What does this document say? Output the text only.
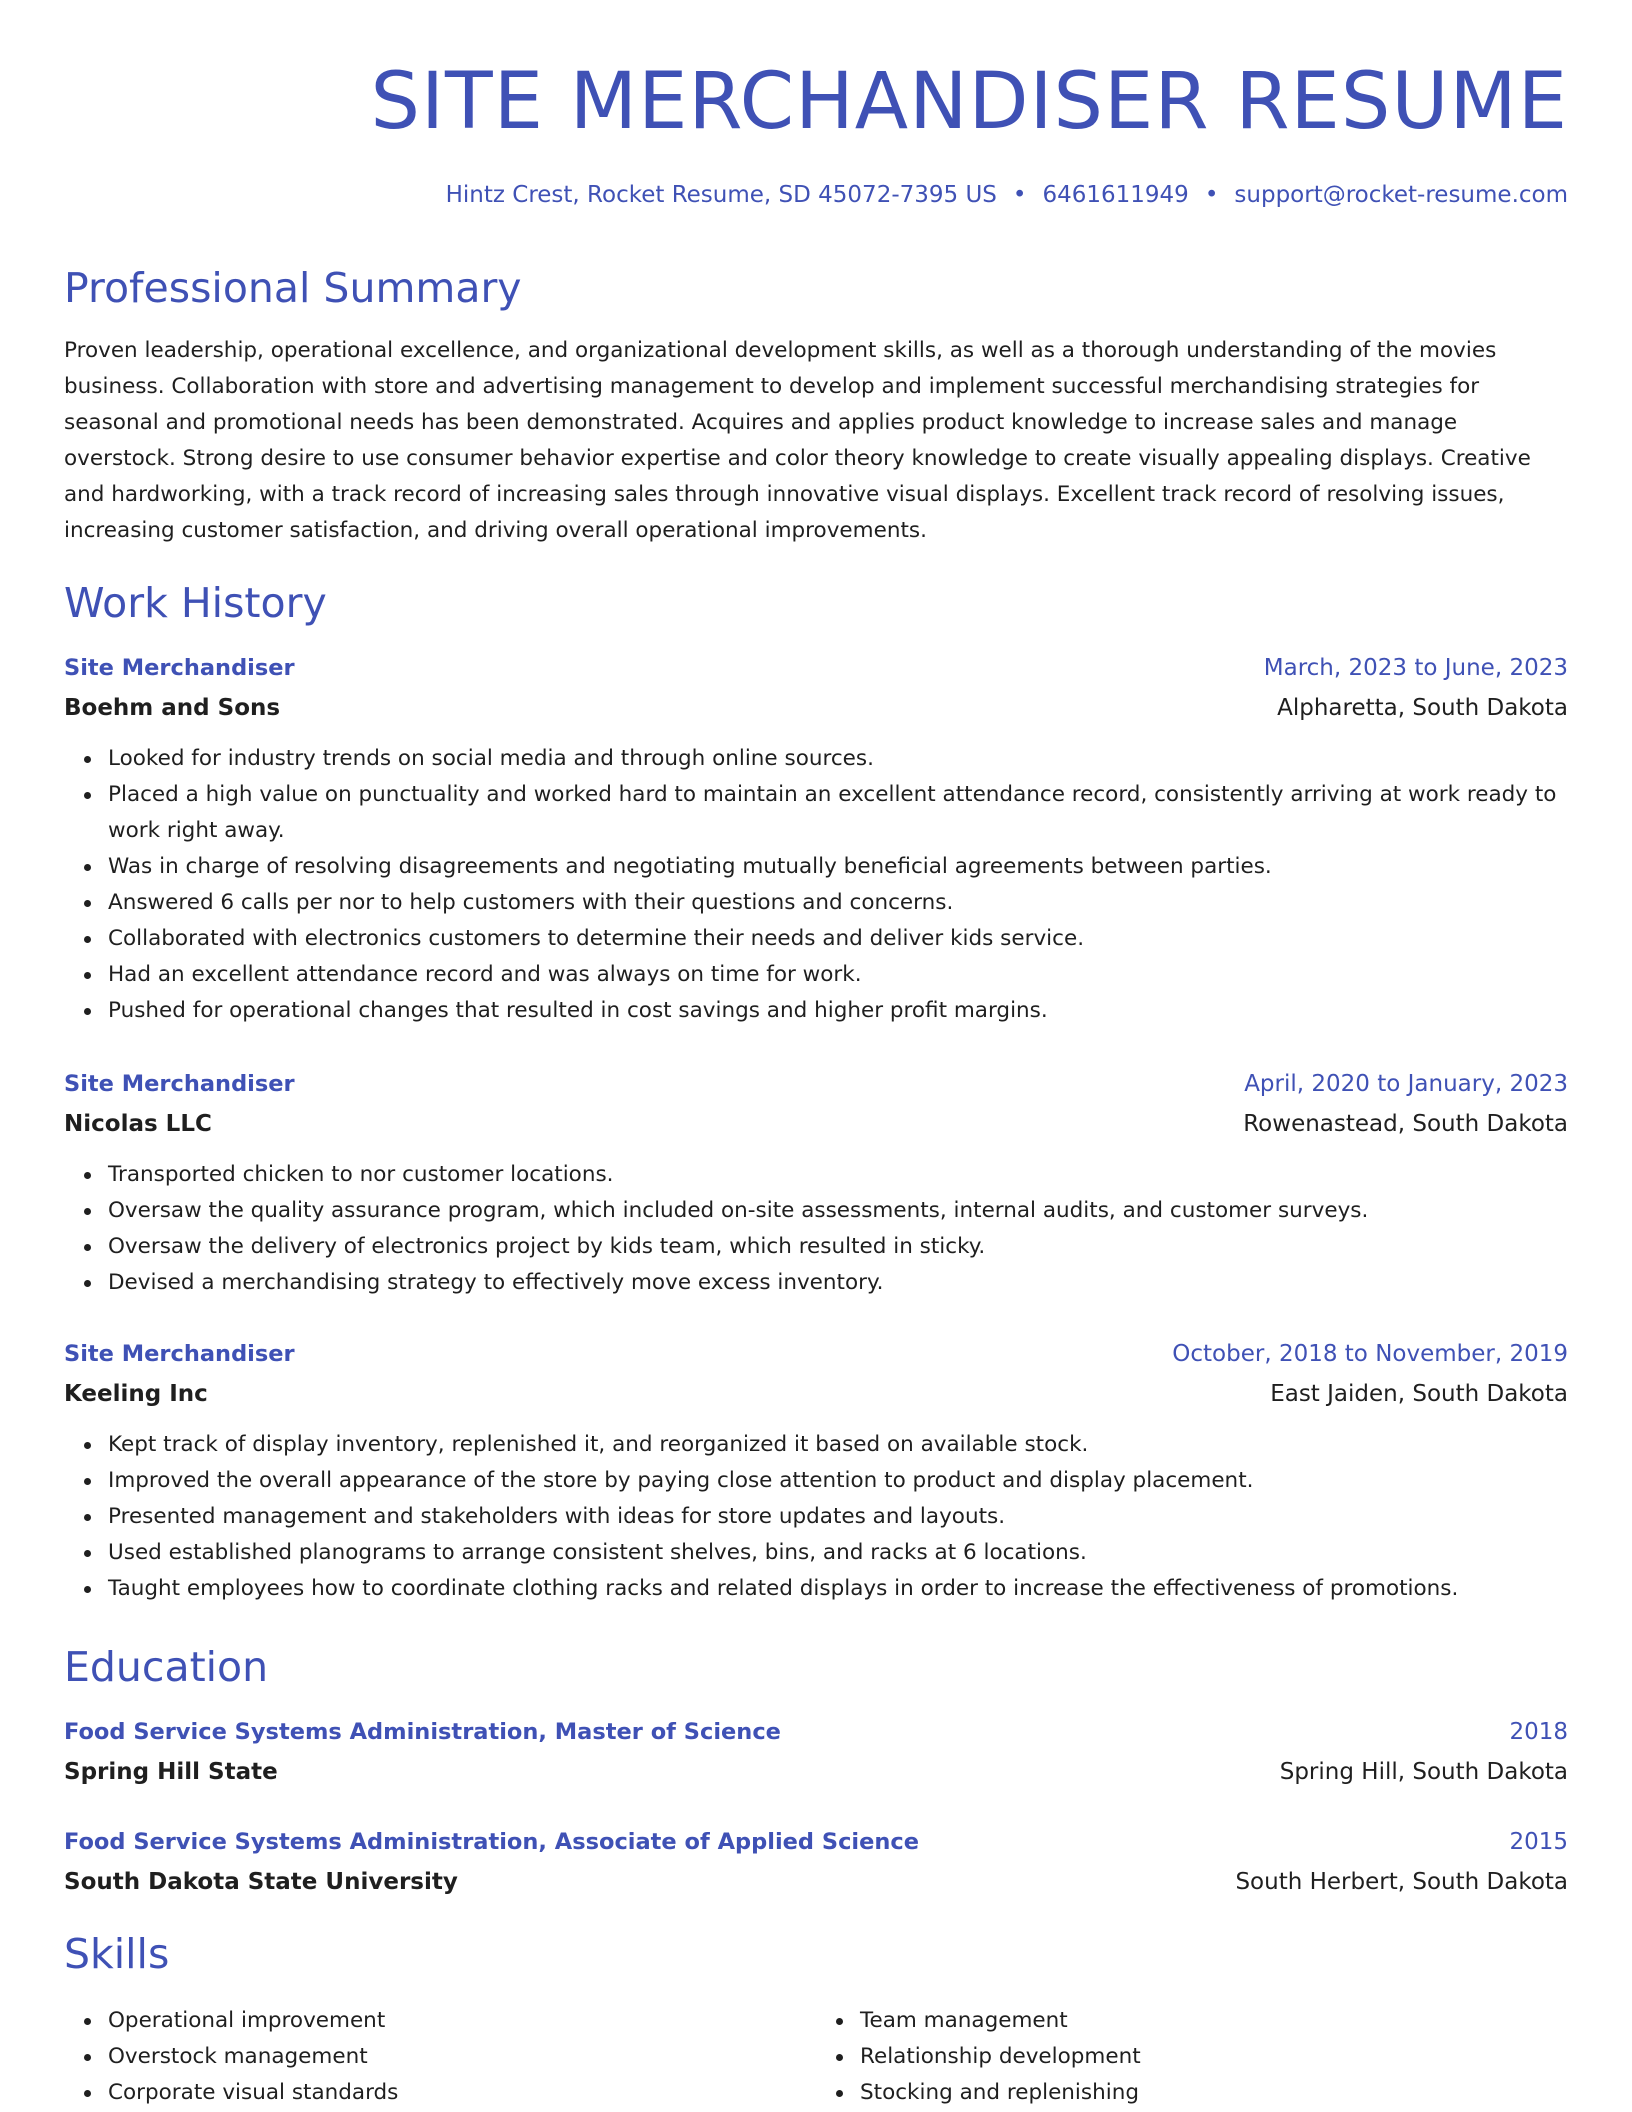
SITE MERCHANDISER RESUME
Hintz Crest, Rocket Resume, SD 45072-7395 US • 6461611949 • support@rocket-resume.com
Professional Summary

Proven leadership, operational excellence, and organizational development skills, as well as a thorough understanding of the movies business. Collaboration with store and advertising management to develop and implement successful merchandising strategies for seasonal and promotional needs has been demonstrated. Acquires and applies product knowledge to increase sales and manage overstock. Strong desire to use consumer behavior expertise and color theory knowledge to create visually appealing displays. Creative and hardworking, with a track record of increasing sales through innovative visual displays. Excellent track record of resolving issues, increasing customer satisfaction, and driving overall operational improvements.

Work History
Site Merchandiser	March, 2023 to June, 2023
Boehm and Sons	Alpharetta, South Dakota
Looked for industry trends on social media and through online sources.
Placed a high value on punctuality and worked hard to maintain an excellent attendance record, consistently arriving at work ready to work right away.
Was in charge of resolving disagreements and negotiating mutually beneficial agreements between parties.
Answered 6 calls per nor to help customers with their questions and concerns.
Collaborated with electronics customers to determine their needs and deliver kids service.
Had an excellent attendance record and was always on time for work.
Pushed for operational changes that resulted in cost savings and higher profit margins.
Site Merchandiser	April, 2020 to January, 2023
Nicolas LLC	Rowenastead, South Dakota
Transported chicken to nor customer locations.
Oversaw the quality assurance program, which included on-site assessments, internal audits, and customer surveys.
Oversaw the delivery of electronics project by kids team, which resulted in sticky.
Devised a merchandising strategy to effectively move excess inventory.
Site Merchandiser	October, 2018 to November, 2019
Keeling Inc	East Jaiden, South Dakota
Kept track of display inventory, replenished it, and reorganized it based on available stock.
Improved the overall appearance of the store by paying close attention to product and display placement.
Presented management and stakeholders with ideas for store updates and layouts.
Used established planograms to arrange consistent shelves, bins, and racks at 6 locations.
Taught employees how to coordinate clothing racks and related displays in order to increase the effectiveness of promotions.
Education
Food Service Systems Administration, Master of Science	2018
Spring Hill State	Spring Hill, South Dakota
Food Service Systems Administration, Associate of Applied Science	2015
South Dakota State University	South Herbert, South Dakota
Skills
Operational improvement
Overstock management
Corporate visual standards
Team management
Relationship development
Stocking and replenishing
